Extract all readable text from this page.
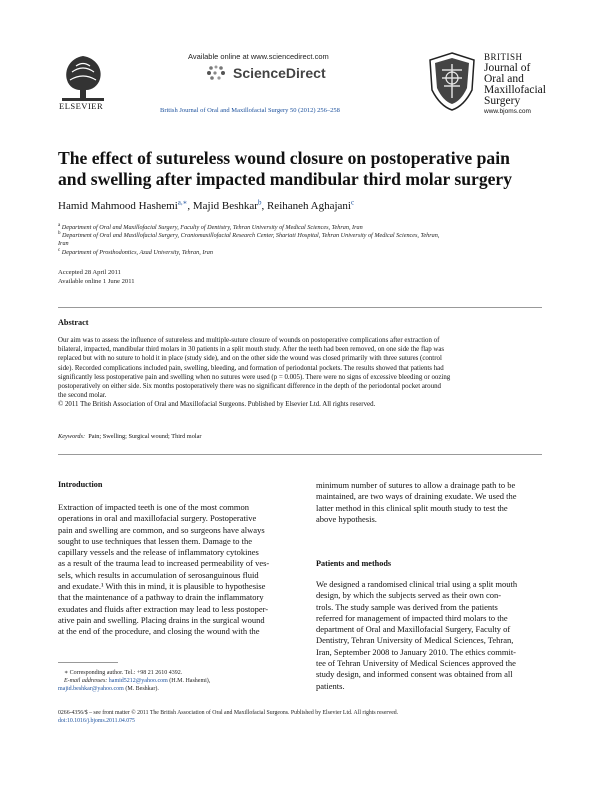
ELSEVIER
Available online at www.sciencedirect.com
ScienceDirect
British Journal of Oral and Maxillofacial Surgery 50 (2012) 256–258
BRITISH
Journal of
Oral and
Maxillofacial
Surgery
www.bjoms.com
The effect of sutureless wound closure on postoperative pain
and swelling after impacted mandibular third molar surgery
Hamid Mahmood Hashemi$^{a,∗}$, Majid Beshkar$^b$, Reihaneh Aghajani$^c$
$^a$ Department of Oral and Maxillofacial Surgery, Faculty of Dentistry, Tehran University of Medical Sciences, Tehran, Iran
$^b$ Department of Oral and Maxillofacial Surgery, Craniomaxillofacial Research Center, Shariati Hospital, Tehran University of Medical Sciences, Tehran,
Iran
$^c$ Department of Prosthodontics, Azad University, Tehran, Iran
Accepted 28 April 2011
Available online 1 June 2011
Abstract
Our aim was to assess the influence of sutureless and multiple-suture closure of wounds on postoperative complications after extraction of
bilateral, impacted, mandibular third molars in 30 patients in a split mouth study. After the teeth had been removed, on one side the flap was
replaced but with no suture to hold it in place (study side), and on the other side the wound was closed primarily with three sutures (control
side). Recorded complications included pain, swelling, bleeding, and formation of periodontal pockets. The results showed that patients had
significantly less postoperative pain and swelling when no sutures were used (p = 0.005). There were no signs of excessive bleeding or oozing
postoperatively on either side. Six months postoperatively there was no significant difference in the depth of the periodontal pocket around
the second molar.
© 2011 The British Association of Oral and Maxillofacial Surgeons. Published by Elsevier Ltd. All rights reserved.
Keywords: Pain; Swelling; Surgical wound; Third molar
Introduction
Extraction of impacted teeth is one of the most common
operations in oral and maxillofacial surgery. Postoperative
pain and swelling are common, and so surgeons have always
sought to use techniques that lessen them. Damage to the
capillary vessels and the release of inflammatory cytokines
as a result of the trauma lead to increased permeability of ves-
sels, which results in accumulation of serosanguinous fluid
and exudate.¹ With this in mind, it is plausible to hypothesise
that the maintenance of a pathway to drain the inflammatory
exudates and fluids after extraction may lead to less postoper-
ative pain and swelling. Placing drains in the surgical wound
at the end of the procedure, and closing the wound with the
∗ Corresponding author. Tel.: +98 21 2610 4392.
E-mail addresses: hamid5212@yahoo.com (H.M. Hashemi),
majid.beshkar@yahoo.com (M. Beshkar).
minimum number of sutures to allow a drainage path to be
maintained, are two ways of draining exudate. We used the
latter method in this clinical split mouth study to test the
above hypothesis.
Patients and methods
We designed a randomised clinical trial using a split mouth
design, by which the subjects served as their own con-
trols. The study sample was derived from the patients
referred for management of impacted third molars to the
department of Oral and Maxillofacial Surgery, Faculty of
Dentistry, Tehran University of Medical Sciences, Tehran,
Iran, September 2008 to January 2010. The ethics commit-
tee of Tehran University of Medical Sciences approved the
study design, and informed consent was obtained from all
patients.
0266-4356/$ – see front matter © 2011 The British Association of Oral and Maxillofacial Surgeons. Published by Elsevier Ltd. All rights reserved.
doi:10.1016/j.bjoms.2011.04.075
